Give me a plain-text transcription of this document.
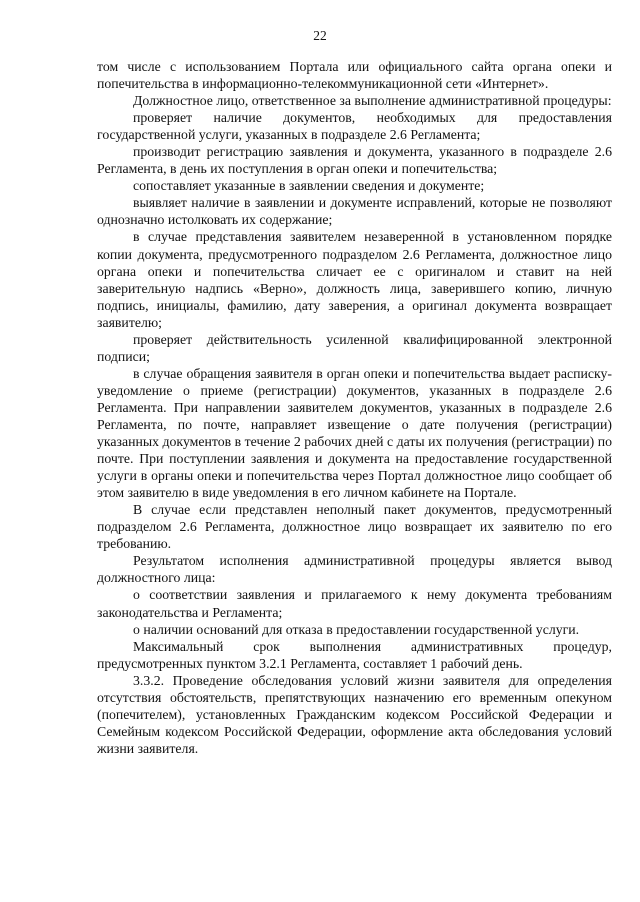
22

том числе с использованием Портала или официального сайта органа опеки и попечительства в информационно-телекоммуникационной сети «Интернет».

Должностное лицо, ответственное за выполнение административной процедуры:

проверяет наличие документов, необходимых для предоставления государственной услуги, указанных в подразделе 2.6 Регламента;

производит регистрацию заявления и документа, указанного в подразделе 2.6 Регламента, в день их поступления в орган опеки и попечительства;

сопоставляет указанные в заявлении сведения и документе;

выявляет наличие в заявлении и документе исправлений, которые не позволяют однозначно истолковать их содержание;

в случае представления заявителем незаверенной в установленном порядке копии документа, предусмотренного подразделом 2.6 Регламента, должностное лицо органа опеки и попечительства сличает ее с оригиналом и ставит на ней заверительную надпись «Верно», должность лица, заверившего копию, личную подпись, инициалы, фамилию, дату заверения, а оригинал документа возвращает заявителю;

проверяет действительность усиленной квалифицированной электронной подписи;

в случае обращения заявителя в орган опеки и попечительства выдает расписку-уведомление о приеме (регистрации) документов, указанных в подразделе 2.6 Регламента. При направлении заявителем документов, указанных в подразделе 2.6 Регламента, по почте, направляет извещение о дате получения (регистрации) указанных документов в течение 2 рабочих дней с даты их получения (регистрации) по почте. При поступлении заявления и документа на предоставление государственной услуги в органы опеки и попечительства через Портал должностное лицо сообщает об этом заявителю в виде уведомления в его личном кабинете на Портале.

В случае если представлен неполный пакет документов, предусмотренный подразделом 2.6 Регламента, должностное лицо возвращает их заявителю по его требованию.

Результатом исполнения административной процедуры является вывод должностного лица:

о соответствии заявления и прилагаемого к нему документа требованиям законодательства и Регламента;

о наличии оснований для отказа в предоставлении государственной услуги.

Максимальный срок выполнения административных процедур, предусмотренных пунктом 3.2.1 Регламента, составляет 1 рабочий день.

3.3.2. Проведение обследования условий жизни заявителя для определения отсутствия обстоятельств, препятствующих назначению его временным опекуном (попечителем), установленных Гражданским кодексом Российской Федерации и Семейным кодексом Российской Федерации, оформление акта обследования условий жизни заявителя.
